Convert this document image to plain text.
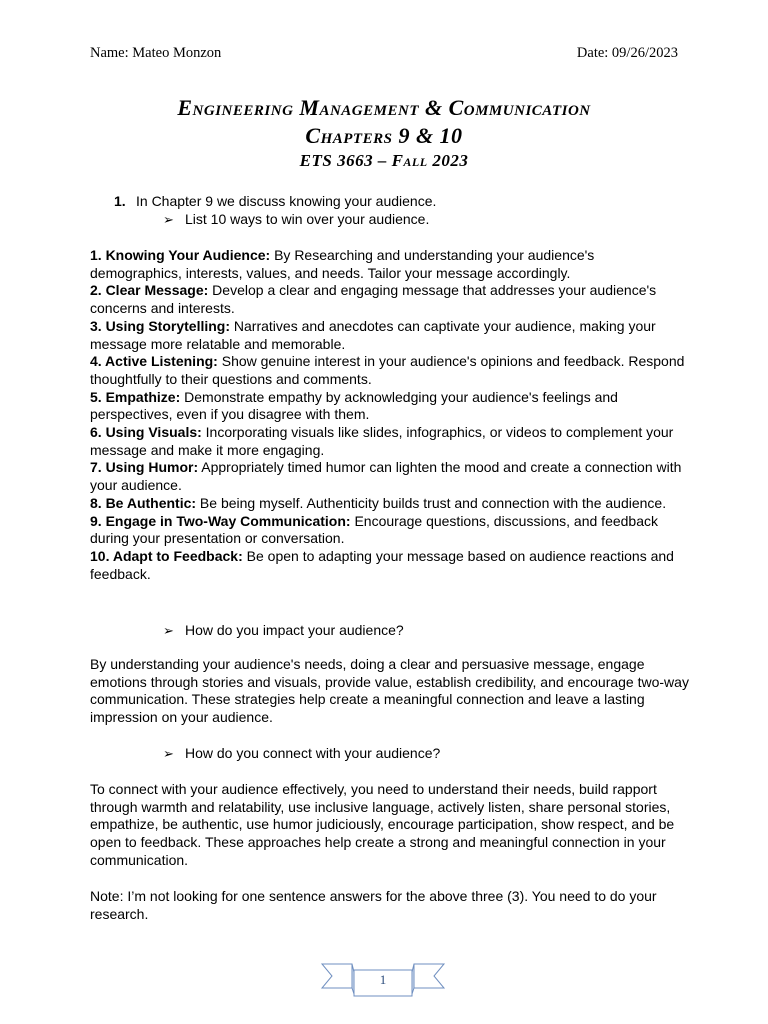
Name: Mateo Monzon	Date: 09/26/2023
Engineering Management & Communication
Chapters 9 & 10
ETS 3663 – Fall 2023
1. In Chapter 9 we discuss knowing your audience.
➢ List 10 ways to win over your audience.

1. Knowing Your Audience: By Researching and understanding your audience's demographics, interests, values, and needs. Tailor your message accordingly.

2. Clear Message: Develop a clear and engaging message that addresses your audience's concerns and interests.

3. Using Storytelling: Narratives and anecdotes can captivate your audience, making your message more relatable and memorable.

4. Active Listening: Show genuine interest in your audience's opinions and feedback. Respond thoughtfully to their questions and comments.

5. Empathize: Demonstrate empathy by acknowledging your audience's feelings and perspectives, even if you disagree with them.

6. Using Visuals: Incorporating visuals like slides, infographics, or videos to complement your message and make it more engaging.

7. Using Humor: Appropriately timed humor can lighten the mood and create a connection with your audience.

8. Be Authentic: Be being myself. Authenticity builds trust and connection with the audience.

9. Engage in Two-Way Communication: Encourage questions, discussions, and feedback during your presentation or conversation.

10. Adapt to Feedback: Be open to adapting your message based on audience reactions and feedback.

➢ How do you impact your audience?

By understanding your audience's needs, doing a clear and persuasive message, engage emotions through stories and visuals, provide value, establish credibility, and encourage two-way communication. These strategies help create a meaningful connection and leave a lasting impression on your audience.

➢ How do you connect with your audience?

To connect with your audience effectively, you need to understand their needs, build rapport through warmth and relatability, use inclusive language, actively listen, share personal stories, empathize, be authentic, use humor judiciously, encourage participation, show respect, and be open to feedback. These approaches help create a strong and meaningful connection in your communication.

Note: I’m not looking for one sentence answers for the above three (3). You need to do your research.

1
